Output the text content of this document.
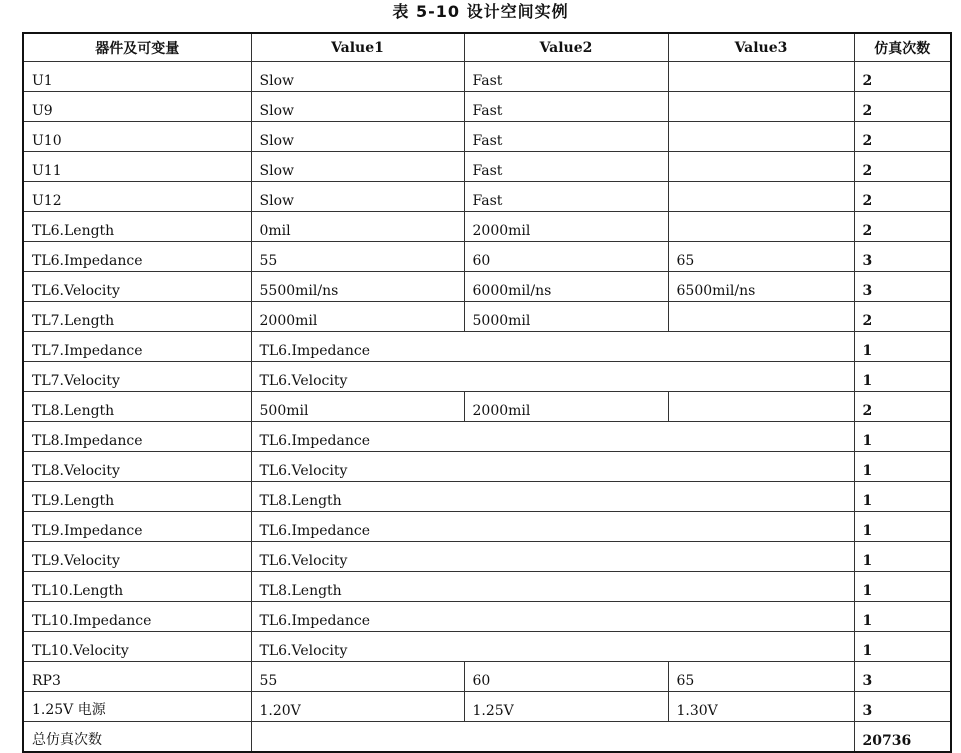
表 5-10 设计空间实例
器件及可变量	Value1	Value2	Value3	仿真次数
U1	Slow	Fast		2
U9	Slow	Fast		2
U10	Slow	Fast		2
U11	Slow	Fast		2
U12	Slow	Fast		2
TL6.Length	0mil	2000mil		2
TL6.Impedance	55	60	65	3
TL6.Velocity	5500mil/ns	6000mil/ns	6500mil/ns	3
TL7.Length	2000mil	5000mil		2
TL7.Impedance	TL6.Impedance			1
TL7.Velocity	TL6.Velocity			1
TL8.Length	500mil	2000mil		2
TL8.Impedance	TL6.Impedance			1
TL8.Velocity	TL6.Velocity			1
TL9.Length	TL8.Length			1
TL9.Impedance	TL6.Impedance			1
TL9.Velocity	TL6.Velocity			1
TL10.Length	TL8.Length			1
TL10.Impedance	TL6.Impedance			1
TL10.Velocity	TL6.Velocity			1
RP3	55	60	65	3
1.25V 电源	1.20V	1.25V	1.30V	3
总仿真次数				20736
